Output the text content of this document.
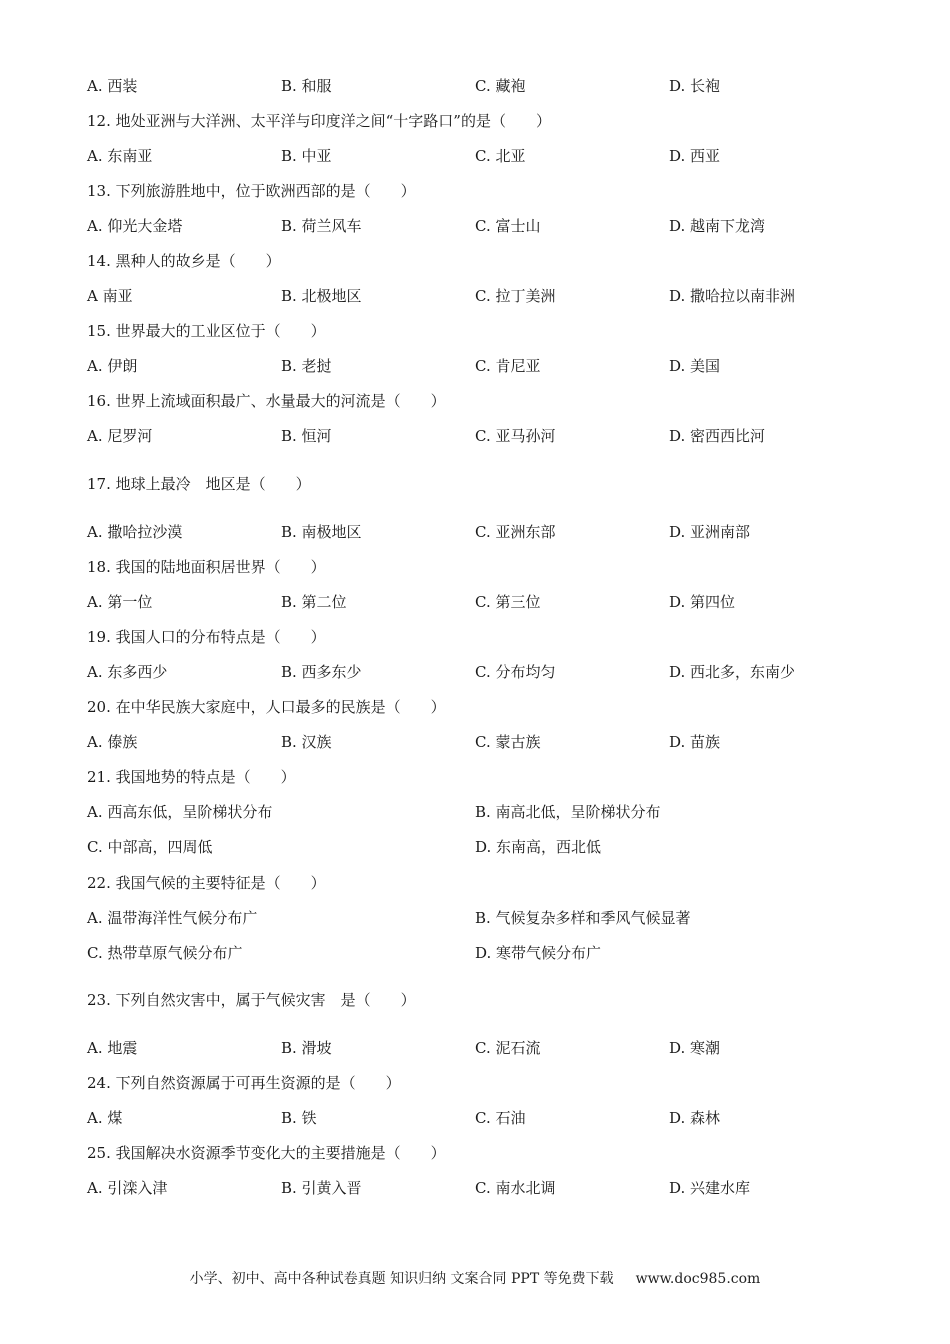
A. 西装	B. 和服	C. 藏袍	D. 长袍
12. 地处亚洲与大洋洲、太平洋与印度洋之间“十字路口”的是（　　）
A. 东南亚	B. 中亚	C. 北亚	D. 西亚
13. 下列旅游胜地中，位于欧洲西部的是（　　）
A. 仰光大金塔	B. 荷兰风车	C. 富士山	D. 越南下龙湾
14. 黑种人的故乡是（　　）
A 南亚	B. 北极地区	C. 拉丁美洲	D. 撒哈拉以南非洲
15. 世界最大的工业区位于（　　）
A. 伊朗	B. 老挝	C. 肯尼亚	D. 美国
16. 世界上流域面积最广、水量最大的河流是（　　）
A. 尼罗河	B. 恒河	C. 亚马孙河	D. 密西西比河
17. 地球上最冷　地区是（　　）
A. 撒哈拉沙漠	B. 南极地区	C. 亚洲东部	D. 亚洲南部
18. 我国的陆地面积居世界（　　）
A. 第一位	B. 第二位	C. 第三位	D. 第四位
19. 我国人口的分布特点是（　　）
A. 东多西少	B. 西多东少	C. 分布均匀	D. 西北多，东南少
20. 在中华民族大家庭中，人口最多的民族是（　　）
A. 傣族	B. 汉族	C. 蒙古族	D. 苗族
21. 我国地势的特点是（　　）
A. 西高东低，呈阶梯状分布	B. 南高北低，呈阶梯状分布
C. 中部高，四周低	D. 东南高，西北低
22. 我国气候的主要特征是（　　）
A. 温带海洋性气候分布广	B. 气候复杂多样和季风气候显著
C. 热带草原气候分布广	D. 寒带气候分布广
23. 下列自然灾害中，属于气候灾害　是（　　）
A. 地震	B. 滑坡	C. 泥石流	D. 寒潮
24. 下列自然资源属于可再生资源的是（　　）
A. 煤	B. 铁	C. 石油	D. 森林
25. 我国解决水资源季节变化大的主要措施是（　　）
A. 引滦入津	B. 引黄入晋	C. 南水北调	D. 兴建水库
小学、初中、高中各种试卷真题 知识归纳 文案合同 PPT 等免费下载 www.doc985.com
